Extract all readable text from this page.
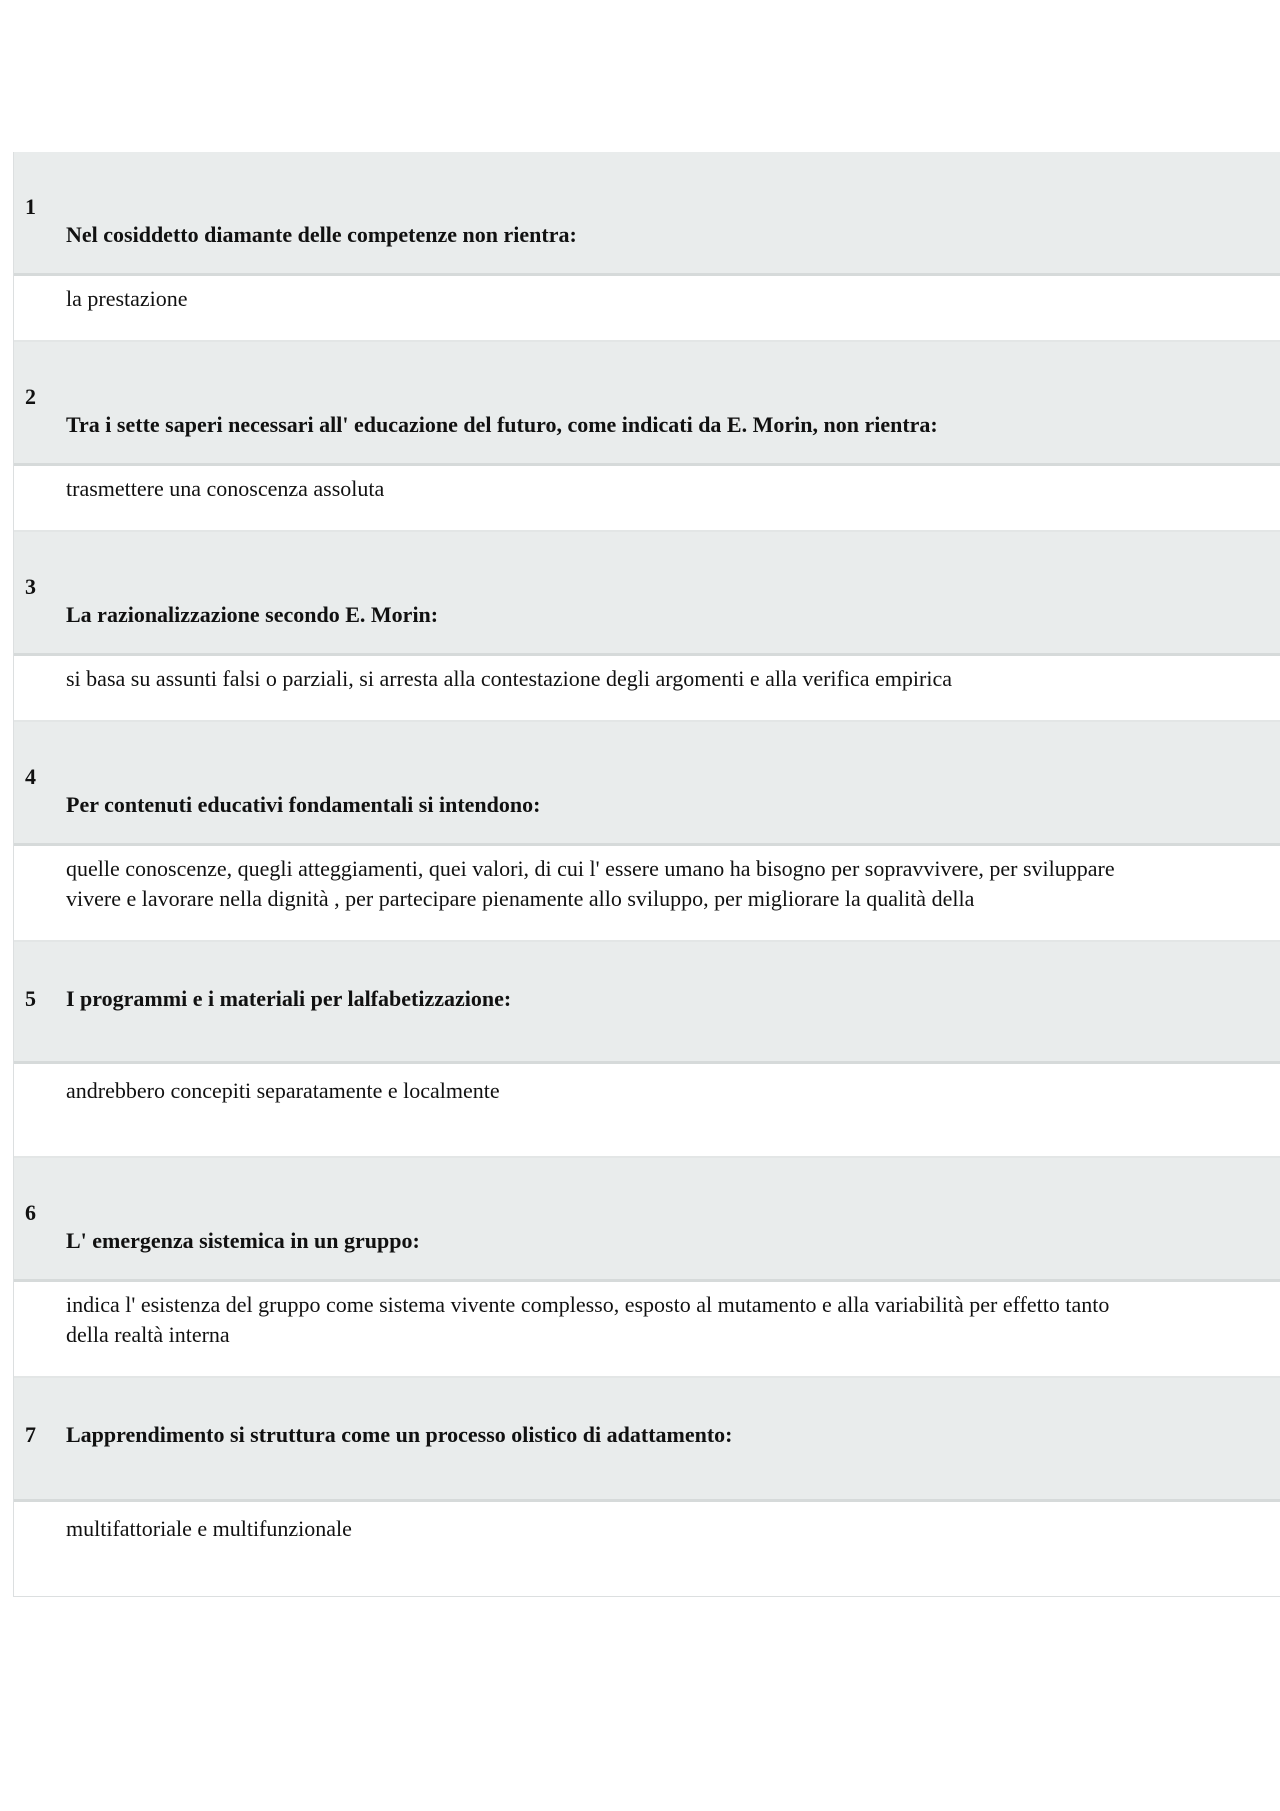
1
Nel cosiddetto diamante delle competenze non rientra:
la prestazione
2
Tra i sette saperi necessari all' educazione del futuro, come indicati da E. Morin, non rientra:
trasmettere una conoscenza assoluta
3
La razionalizzazione secondo E. Morin:
si basa su assunti falsi o parziali, si arresta alla contestazione degli argomenti e alla verifica empirica
4
Per contenuti educativi fondamentali si intendono:
quelle conoscenze, quegli atteggiamenti, quei valori, di cui l' essere umano ha bisogno per sopravvivere, per sviluppare
vivere e lavorare nella dignità , per partecipare pienamente allo sviluppo, per migliorare la qualità della
5 I programmi e i materiali per lalfabetizzazione:
andrebbero concepiti separatamente e localmente
6
L' emergenza sistemica in un gruppo:
indica l' esistenza del gruppo come sistema vivente complesso, esposto al mutamento e alla variabilità per effetto tanto
della realtà interna
7 Lapprendimento si struttura come un processo olistico di adattamento:
multifattoriale e multifunzionale
